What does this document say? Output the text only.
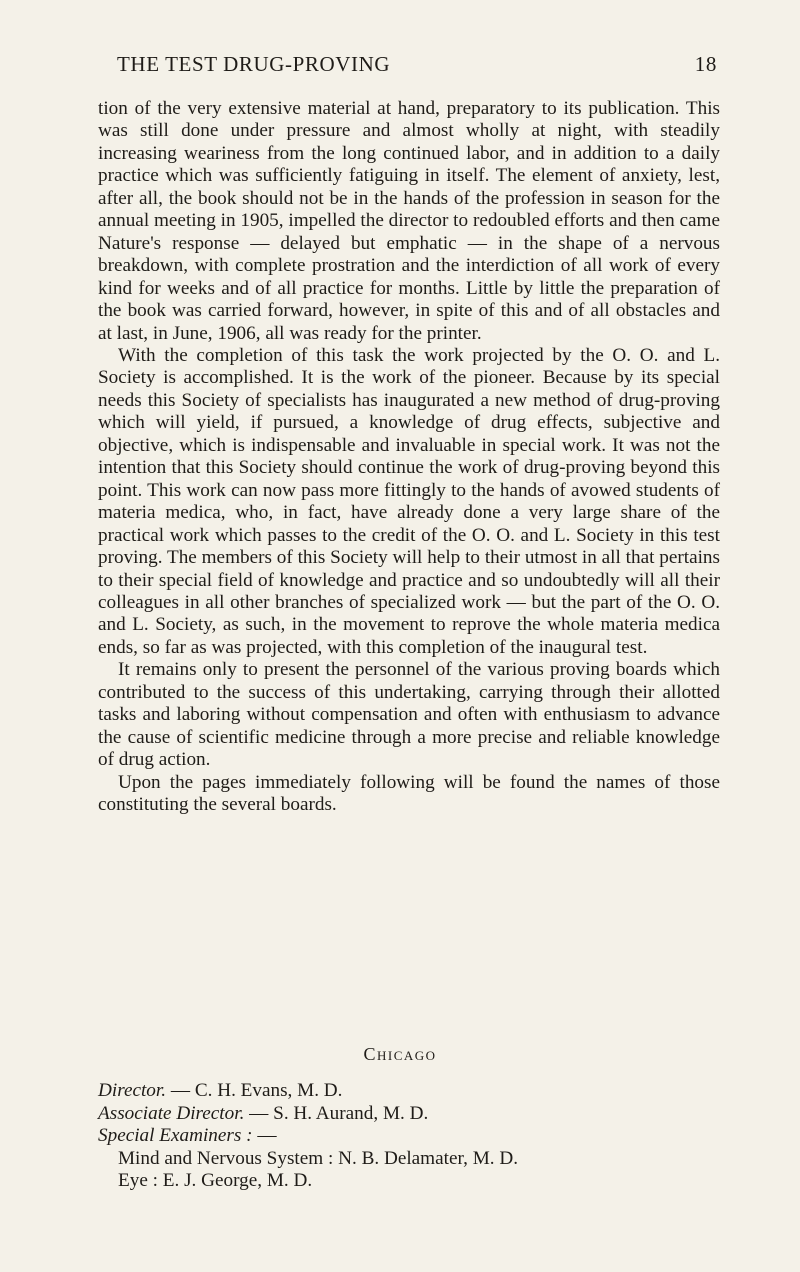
THE TEST DRUG-PROVING	18

tion of the very extensive material at hand, preparatory to its publication. This was still done under pressure and almost wholly at night, with steadily increasing weariness from the long continued labor, and in addition to a daily practice which was sufficiently fatiguing in itself. The element of anxiety, lest, after all, the book should not be in the hands of the profession in season for the annual meeting in 1905, impelled the director to redoubled efforts and then came Nature's response — delayed but emphatic — in the shape of a nervous breakdown, with complete prostration and the interdiction of all work of every kind for weeks and of all practice for months. Little by little the preparation of the book was carried forward, however, in spite of this and of all obstacles and at last, in June, 1906, all was ready for the printer.

With the completion of this task the work projected by the O. O. and L. Society is accomplished. It is the work of the pioneer. Because by its special needs this Society of specialists has inaugurated a new method of drug-proving which will yield, if pursued, a knowledge of drug effects, subjective and objective, which is indispensable and invaluable in special work. It was not the intention that this Society should continue the work of drug-proving beyond this point. This work can now pass more fittingly to the hands of avowed students of materia medica, who, in fact, have already done a very large share of the practical work which passes to the credit of the O. O. and L. Society in this test proving. The members of this Society will help to their utmost in all that pertains to their special field of knowledge and practice and so undoubtedly will all their colleagues in all other branches of specialized work — but the part of the O. O. and L. Society, as such, in the movement to reprove the whole materia medica ends, so far as was projected, with this completion of the inaugural test.

It remains only to present the personnel of the various proving boards which contributed to the success of this undertaking, carrying through their allotted tasks and laboring without compensation and often with enthusiasm to advance the cause of scientific medicine through a more precise and reliable knowledge of drug action.

Upon the pages immediately following will be found the names of those constituting the several boards.

Chicago
Director. — C. H. Evans, M. D.
Associate Director. — S. H. Aurand, M. D.
Special Examiners : —
Mind and Nervous System : N. B. Delamater, M. D.
Eye : E. J. George, M. D.
